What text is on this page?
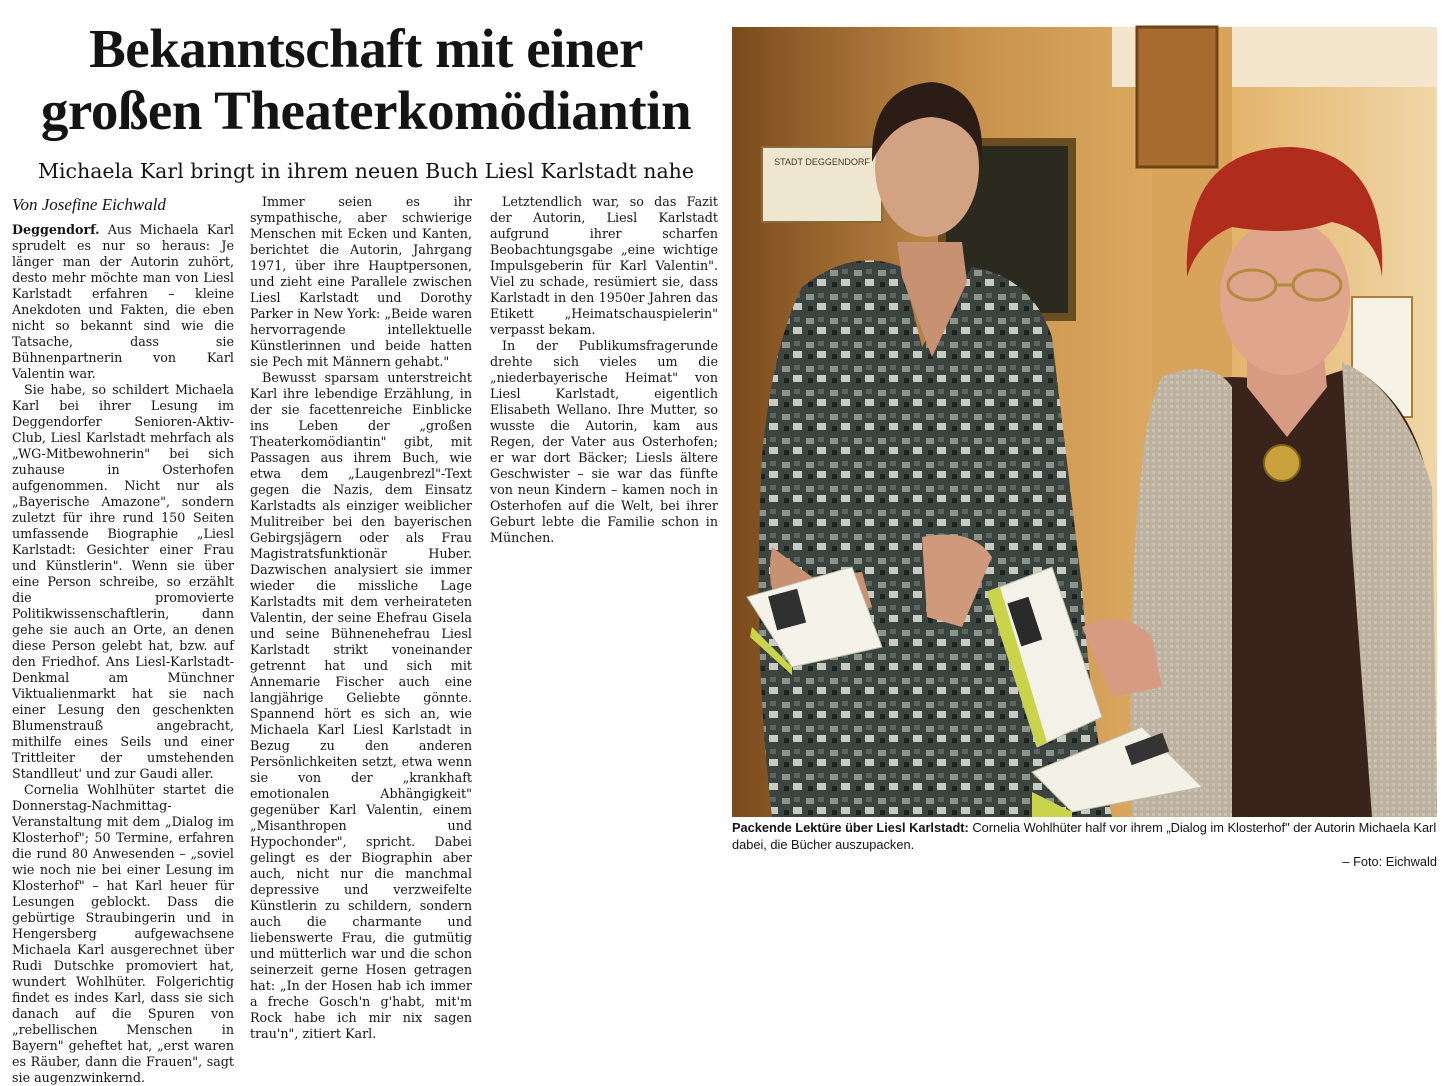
Bekanntschaft mit einer
großen Theaterkomödiantin
Michaela Karl bringt in ihrem neuen Buch Liesl Karlstadt nahe
Von Josefine Eichwald

Deggendorf. Aus Michaela Karl sprudelt es nur so heraus: Je länger man der Autorin zuhört, desto mehr möchte man von Liesl Karlstadt erfahren – kleine Anekdoten und Fakten, die eben nicht so bekannt sind wie die Tatsache, dass sie Bühnenpartnerin von Karl Valentin war.

Sie habe, so schildert Michaela Karl bei ihrer Lesung im Deggendorfer Senioren-Aktiv-Club, Liesl Karlstadt mehrfach als „WG-Mitbewohnerin" bei sich zuhause in Osterhofen aufgenommen. Nicht nur als „Bayerische Amazone", sondern zuletzt für ihre rund 150 Seiten umfassende Biographie „Liesl Karlstadt: Gesichter einer Frau und Künstlerin". Wenn sie über eine Person schreibe, so erzählt die promovierte Politikwissenschaftlerin, dann gehe sie auch an Orte, an denen diese Person gelebt hat, bzw. auf den Friedhof. Ans Liesl-Karlstadt-Denkmal am Münchner Viktualienmarkt hat sie nach einer Lesung den geschenkten Blumenstrauß angebracht, mithilfe eines Seils und einer Trittleiter der umstehenden Standlleut' und zur Gaudi aller.

Cornelia Wohlhüter startet die Donnerstag-Nachmittag-Veranstaltung mit dem „Dialog im Klosterhof"; 50 Termine, erfahren die rund 80 Anwesenden – „soviel wie noch nie bei einer Lesung im Klosterhof" – hat Karl heuer für Lesungen geblockt. Dass die gebürtige Straubingerin und in Hengersberg aufgewachsene Michaela Karl ausgerechnet über Rudi Dutschke promoviert hat, wundert Wohlhüter. Folgerichtig findet es indes Karl, dass sie sich danach auf die Spuren von „rebellischen Menschen in Bayern" geheftet hat, „erst waren es Räuber, dann die Frauen", sagt sie augenzwinkernd.

Immer seien es ihr sympathische, aber schwierige Menschen mit Ecken und Kanten, berichtet die Autorin, Jahrgang 1971, über ihre Hauptpersonen, und zieht eine Parallele zwischen Liesl Karlstadt und Dorothy Parker in New York: „Beide waren hervorragende intellektuelle Künstlerinnen und beide hatten sie Pech mit Männern gehabt."

Bewusst sparsam unterstreicht Karl ihre lebendige Erzählung, in der sie facettenreiche Einblicke ins Leben der „großen Theaterkomödiantin" gibt, mit Passagen aus ihrem Buch, wie etwa dem „Laugenbrezl"-Text gegen die Nazis, dem Einsatz Karlstadts als einziger weiblicher Mulitreiber bei den bayerischen Gebirgsjägern oder als Frau Magistratsfunktionär Huber. Dazwischen analysiert sie immer wieder die missliche Lage Karlstadts mit dem verheirateten Valentin, der seine Ehefrau Gisela und seine Bühnenehefrau Liesl Karlstadt strikt voneinander getrennt hat und sich mit Annemarie Fischer auch eine langjährige Geliebte gönnte. Spannend hört es sich an, wie Michaela Karl Liesl Karlstadt in Bezug zu den anderen Persönlichkeiten setzt, etwa wenn sie von der „krankhaft emotionalen Abhängigkeit" gegenüber Karl Valentin, einem „Misanthropen und Hypochonder", spricht. Dabei gelingt es der Biographin aber auch, nicht nur die manchmal depressive und verzweifelte Künstlerin zu schildern, sondern auch die charmante und liebenswerte Frau, die gutmütig und mütterlich war und die schon seinerzeit gerne Hosen getragen hat: „In der Hosen hab ich immer a freche Gosch'n g'habt, mit'm Rock habe ich mir nix sagen trau'n", zitiert Karl.

Letztendlich war, so das Fazit der Autorin, Liesl Karlstadt aufgrund ihrer scharfen Beobachtungsgabe „eine wichtige Impulsgeberin für Karl Valentin". Viel zu schade, resümiert sie, dass Karlstadt in den 1950er Jahren das Etikett „Heimatschauspielerin" verpasst bekam.

In der Publikumsfragerunde drehte sich vieles um die „niederbayerische Heimat" von Liesl Karlstadt, eigentlich Elisabeth Wellano. Ihre Mutter, so wusste die Autorin, kam aus Regen, der Vater aus Osterhofen; er war dort Bäcker; Liesls ältere Geschwister – sie war das fünfte von neun Kindern – kamen noch in Osterhofen auf die Welt, bei ihrer Geburt lebte die Familie schon in München.

STADT DEGGENDORF
Packende Lektüre über Liesl Karlstadt: Cornelia Wohlhüter half vor ihrem „Dialog im Klosterhof" der Autorin Michaela Karl dabei, die Bücher auszupacken.
– Foto: Eichwald
